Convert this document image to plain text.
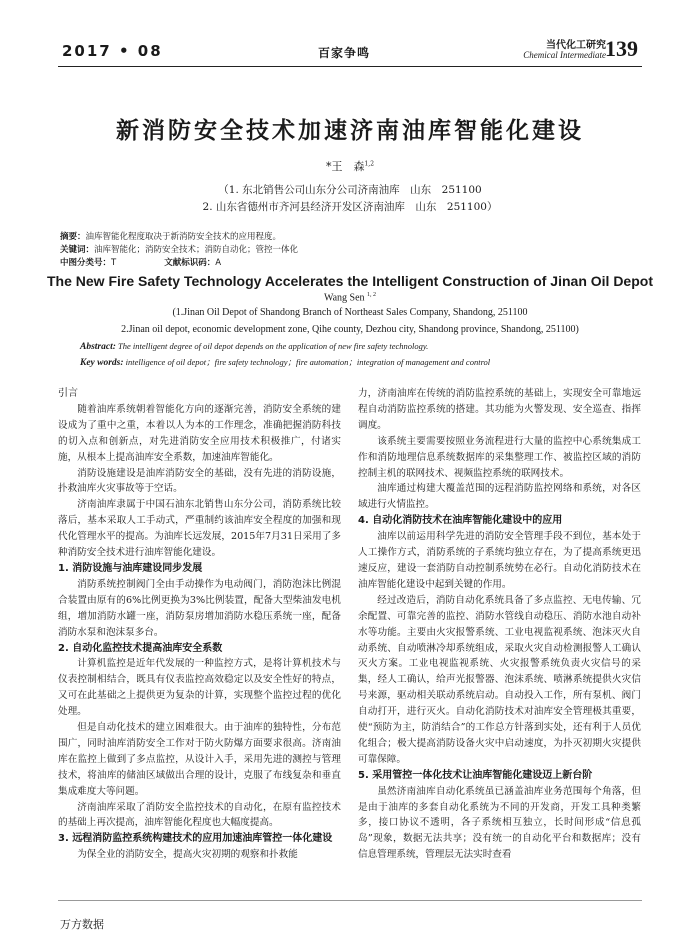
2017 • 08	百家争鸣
当代化工研究
Chemical Intermediate 139
新消防安全技术加速济南油库智能化建设
*王　森$^{1,2}$
（1. 东北销售公司山东分公司济南油库　山东　251100
2. 山东省德州市齐河县经济开发区济南油库　山东　251100）
摘要：油库智能化程度取决于新消防安全技术的应用程度。
关键词：油库智能化；消防安全技术；消防自动化；管控一体化
中图分类号：T	文献标识码：A
The New Fire Safety Technology Accelerates the Intelligent Construction of Jinan Oil Depot
Wang Sen $^{1, 2}$
(1.Jinan Oil Depot of Shandong Branch of Northeast Sales Company, Shandong, 251100
2.Jinan oil depot, economic development zone, Qihe county, Dezhou city, Shandong province, Shandong, 251100)
Abstract: The intelligent degree of oil depot depends on the application of new fire safety technology.
Key words: intelligence of oil depot；fire safety technology；fire automation；integration of management and control
引言

随着油库系统朝着智能化方向的逐渐完善，消防安全系统的建设成为了重中之重，本着以人为本的工作理念，准确把握消防科技的切入点和创新点，对先进消防安全应用技术积极推广，付诸实施，从根本上提高油库安全系数，加速油库智能化。

消防设施建设是油库消防安全的基础，没有先进的消防设施，扑救油库火灾事故等于空话。

济南油库隶属于中国石油东北销售山东分公司，消防系统比较落后，基本采取人工手动式，严重制约该油库安全程度的加强和现代化管理水平的提高。为油库长远发展，2015年7月31日采用了多种消防安全技术进行油库智能化建设。

1. 消防设施与油库建设同步发展

消防系统控制阀门全由手动操作为电动阀门，消防泡沫比例混合装置由原有的6%比例更换为3%比例装置，配备大型柴油发电机组，增加消防水罐一座，消防泵房增加消防水稳压系统一座，配备消防水泵和泡沫泵多台。

2. 自动化监控技术提高油库安全系数

计算机监控是近年代发展的一种监控方式，是将计算机技术与仪表控制相结合，既具有仪表监控高效稳定以及安全性好的特点，又可在此基础之上提供更为复杂的计算，实现整个监控过程的优化处理。

但是自动化技术的建立困难很大。由于油库的独特性，分布范围广，同时油库消防安全工作对于防火防爆方面要求很高。济南油库在监控上做到了多点监控，从设计入手，采用先进的测控与管理技术，将油库的储油区域做出合理的设计，克服了布线复杂和垂直集成难度大等问题。

济南油库采取了消防安全监控技术的自动化，在原有监控技术的基础上再次提高，油库智能化程度也大幅度提高。

3. 远程消防监控系统构建技术的应用加速油库管控一体化建设

为保全业的消防安全，提高火灾初期的观察和扑救能

力，济南油库在传统的消防监控系统的基础上，实现安全可靠地远程自动消防监控系统的搭建。其功能为火警发现、安全巡查、指挥调度。

该系统主要需要按照业务流程进行大量的监控中心系统集成工作和消防地理信息系统数据库的采集整理工作、被监控区域的消防控制主机的联网技术、视频监控系统的联网技术。

油库通过构建大覆盖范围的远程消防监控网络和系统，对各区域进行火情监控。

4. 自动化消防技术在油库智能化建设中的应用

油库以前运用科学先进的消防安全管理手段不到位，基本处于人工操作方式，消防系统的子系统均独立存在，为了提高系统更迅速反应，建设一套消防自动控制系统势在必行。自动化消防技术在油库智能化建设中起到关键的作用。

经过改造后，消防自动化系统具备了多点监控、无电传输、冗余配置、可靠完善的监控、消防水管线自动稳压、消防水池自动补水等功能。主要由火灾报警系统、工业电视监视系统、泡沫灭火自动系统、自动喷淋冷却系统组成，采取火灾自动检测报警人工确认灭火方案。工业电视监视系统、火灾报警系统负责火灾信号的采集，经人工确认，给声光报警器、泡沫系统、喷淋系统提供火灾信号来源，驱动相关联动系统启动。自动投入工作，所有泵机、阀门自动打开，进行灭火。自动化消防技术对油库安全管理极其重要，使“预防为主，防消结合”的工作总方针落到实处，还有利于人员优化组合；极大提高消防设备火灾中启动速度，为扑灭初期火灾提供可靠保障。

5. 采用管控一体化技术让油库智能化建设迈上新台阶

虽然济南油库自动化系统虽已涵盖油库业务范围每个角落，但是由于油库的多套自动化系统为不同的开发商，开发工具种类繁多，接口协议不透明，各子系统相互独立，长时间形成“信息孤岛”现象，数据无法共享；没有统一的自动化平台和数据库；没有信息管理系统，管理层无法实时查看

万方数据
